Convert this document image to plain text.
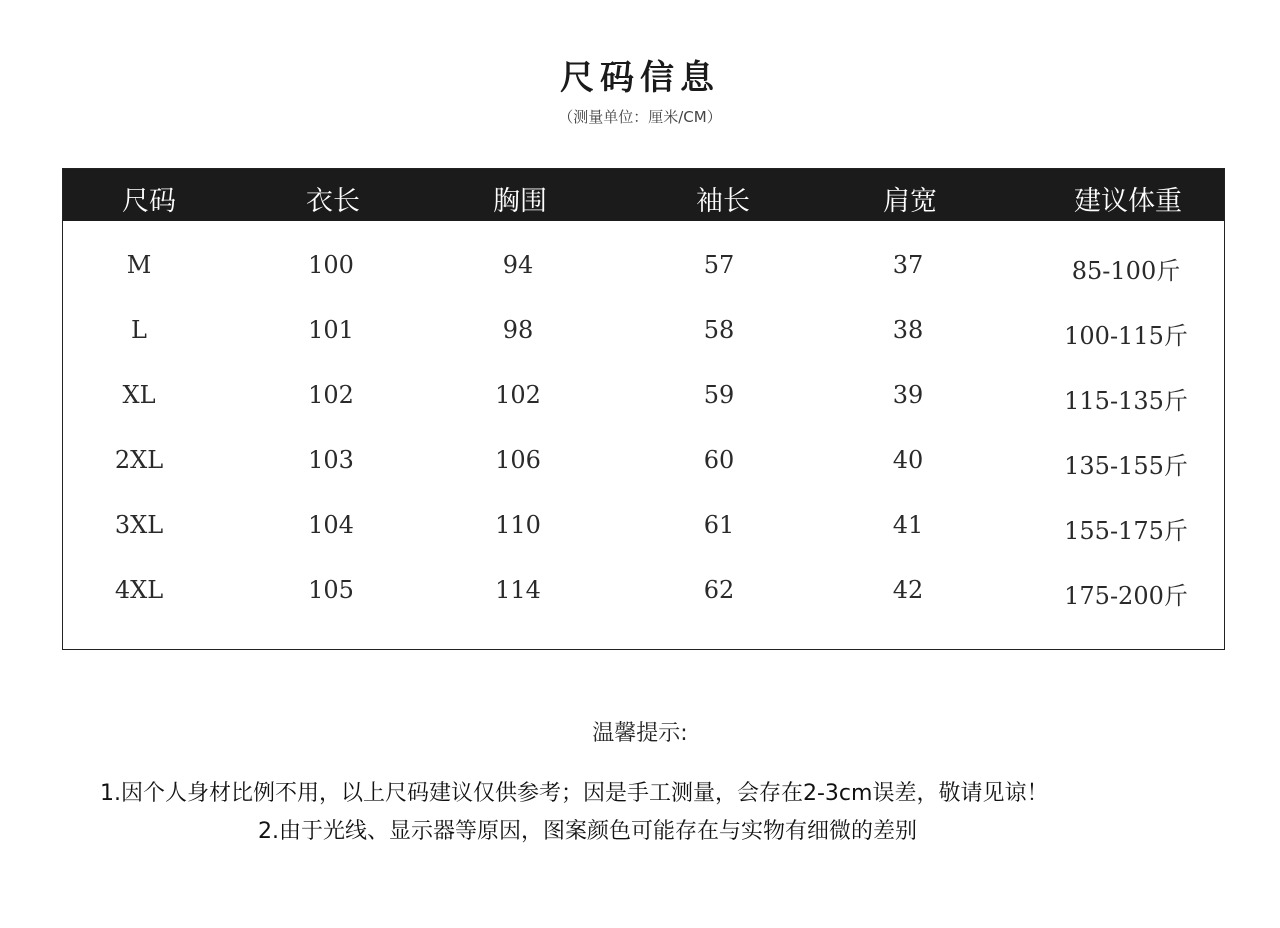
尺码信息
（测量单位：厘米/CM）
尺码	衣长	胸围	袖长	肩宽	建议体重
M	100	94	57	37	85-100斤
L	101	98	58	38	100-115斤
XL	102	102	59	39	115-135斤
2XL	103	106	60	40	135-155斤
3XL	104	110	61	41	155-175斤
4XL	105	114	62	42	175-200斤
温馨提示:
1.因个人身材比例不用，以上尺码建议仅供参考；因是手工测量，会存在2-3cm误差，敬请见谅！
2.由于光线、显示器等原因，图案颜色可能存在与实物有细微的差别
